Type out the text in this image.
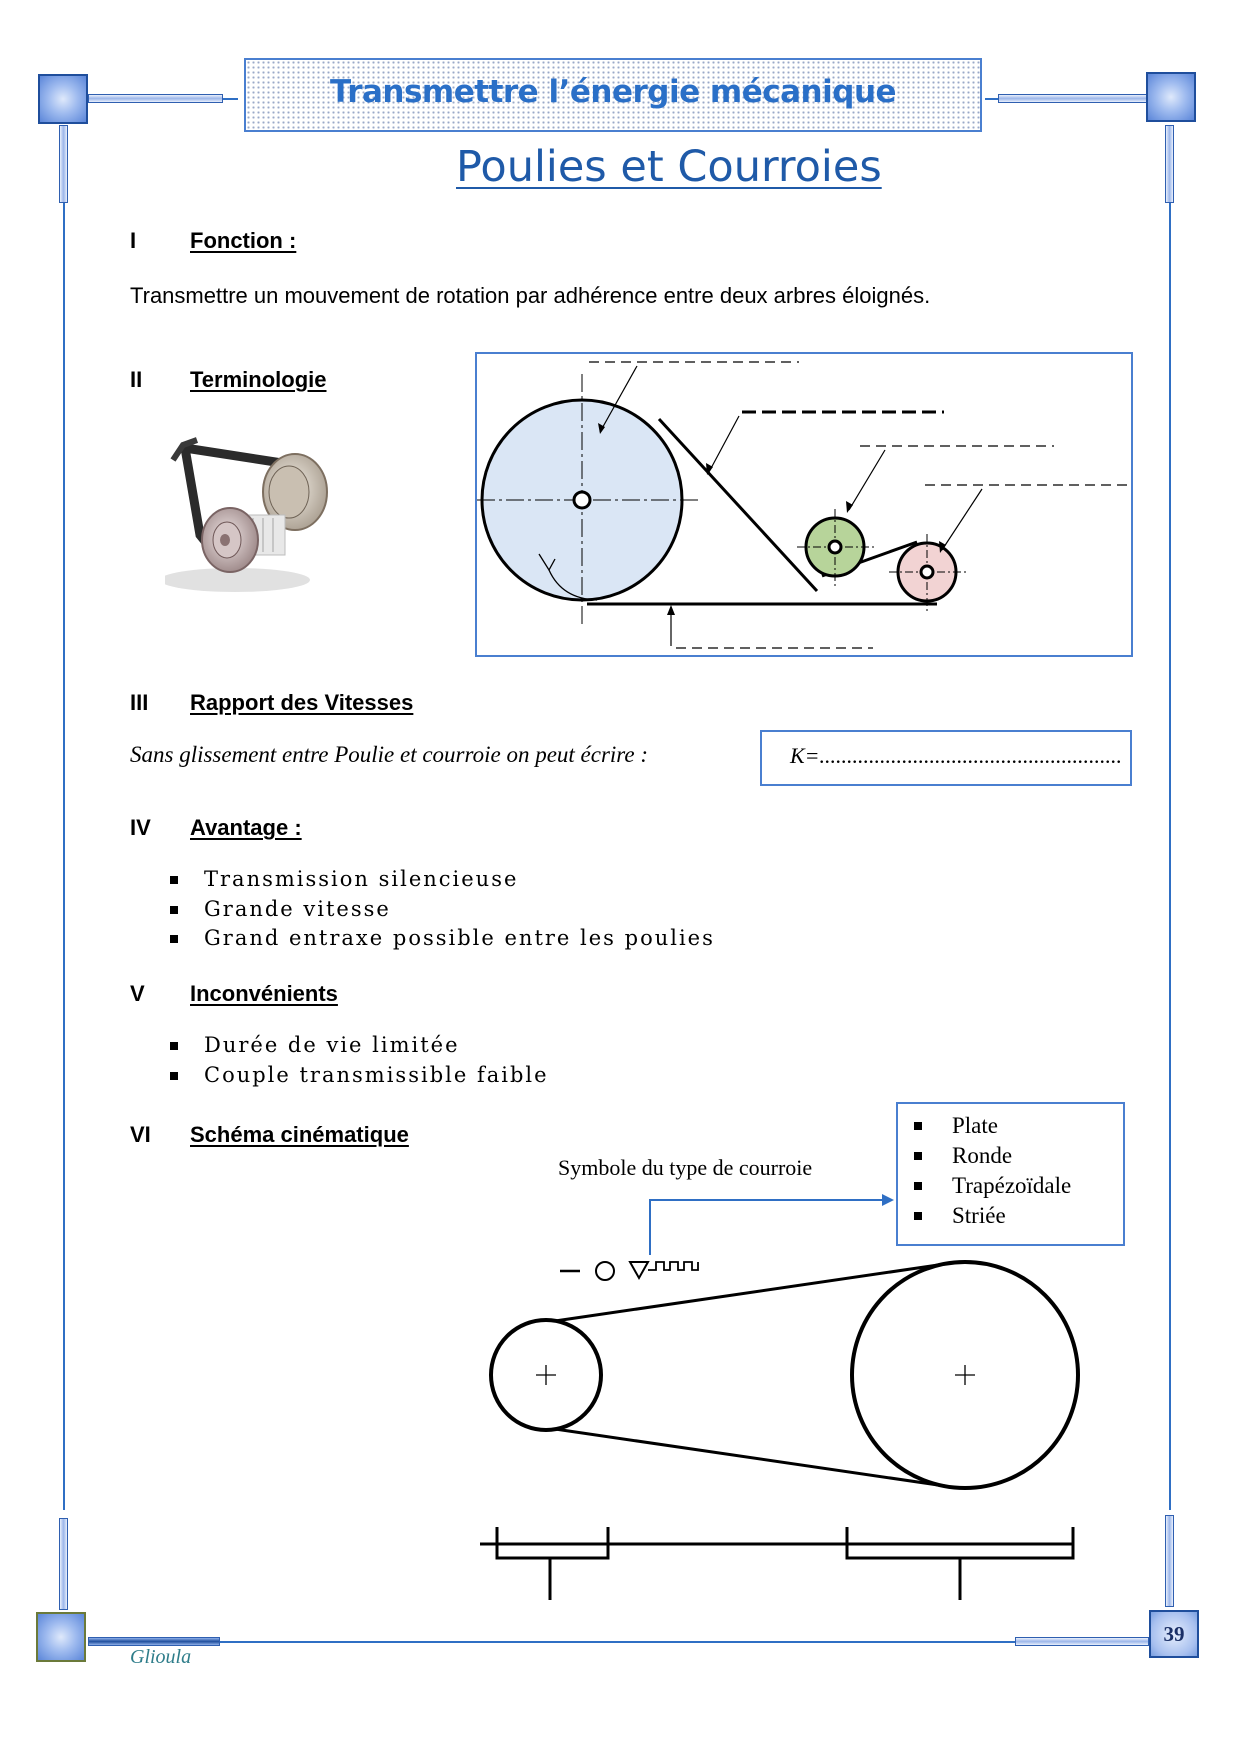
Transmettre l’énergie mécanique
Poulies et Courroies
I Fonction :
Transmettre un mouvement de rotation par adhérence entre deux arbres éloignés.
II Terminologie
III Rapport des Vitesses
Sans glissement entre Poulie et courroie on peut écrire :	K=.......................................................
IV Avantage :
Transmission silencieuse
Grande vitesse
Grand entraxe possible entre les poulies
V Inconvénients
Durée de vie limitée
Couple transmissible faible
VI Schéma cinématique
Symbole du type de courroie
Plate
Ronde
Trapézoïdale
Striée
39
Glioula
